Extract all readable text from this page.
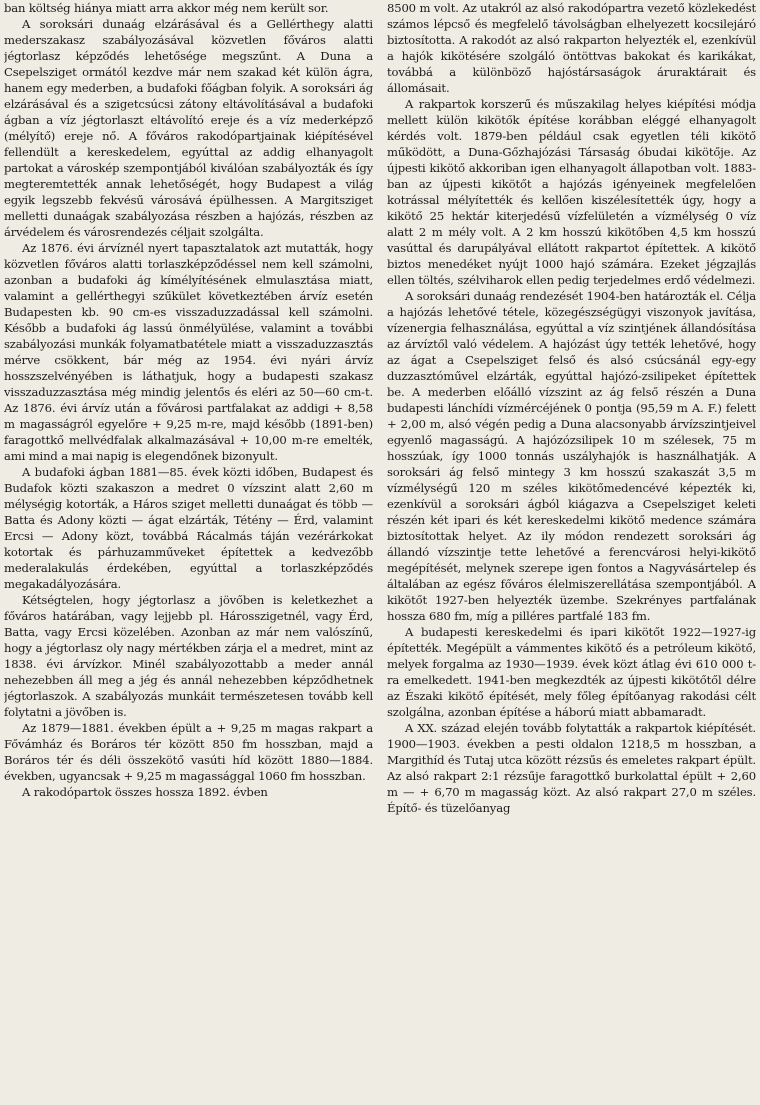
ban költség hiánya miatt arra akkor még nem került sor.

A soroksári dunaág elzárásával és a Gellérthegy alatti mederszakasz szabályozásával közvetlen főváros alatti jégtorlasz képződés lehetősége megszűnt. A Duna a Csepelsziget ormától kezdve már nem szakad két külön ágra, hanem egy mederben, a budafoki főágban folyik. A soroksári ág elzárásával és a szigetcsúcsi zátony eltávolításával a budafoki ágban a víz jégtorlaszt eltávolító ereje és a víz mederképző (mélyítő) ereje nő. A főváros rakodópartjainak kiépítésével fellendült a kereskedelem, egyúttal az addig elhanyagolt partokat a városkép szempontjából kiválóan szabályozták és így megteremtették annak lehetőségét, hogy Budapest a világ egyik legszebb fekvésű városává épülhessen. A Margitsziget melletti dunaágak szabályozása részben a hajózás, részben az árvédelem és városrendezés céljait szolgálta.

Az 1876. évi árvíznél nyert tapasztalatok azt mutatták, hogy közvetlen főváros alatti torlaszképződéssel nem kell számolni, azonban a budafoki ág kímélyítésének elmulasztása miatt, valamint a gellérthegyi szűkület következtében árvíz esetén Budapesten kb. 90 cm-es visszaduzzadással kell számolni. Később a budafoki ág lassú önmélyülése, valamint a további szabályozási munkák folyamatbatétele miatt a visszaduzzasztás mérve csökkent, bár még az 1954. évi nyári árvíz hosszszelvényében is láthatjuk, hogy a budapesti szakasz visszaduzzasztása még mindig jelentős és eléri az 50—60 cm-t. Az 1876. évi árvíz után a fővárosi partfalakat az addigi + 8,58 m magasságról egyelőre + 9,25 m-re, majd később (1891-ben) faragottkő mellvédfalak alkalmazásával + 10,00 m-re emelték, ami mind a mai napig is elegendőnek bizonyult.

A budafoki ágban 1881—85. évek közti időben, Budapest és Budafok közti szakaszon a medret 0 vízszint alatt 2,60 m mélységig kotorták, a Háros sziget melletti dunaágat és több — Batta és Adony közti — ágat elzárták, Tétény — Érd, valamint Ercsi — Adony közt, továbbá Rácalmás táján vezérárkokat kotortak és párhuzamműveket építettek a kedvezőbb mederalakulás érdekében, egyúttal a torlaszképződés megakadályozására.

Kétségtelen, hogy jégtorlasz a jövőben is keletkezhet a főváros határában, vagy lejjebb pl. Hárosszigetnél, vagy Érd, Batta, vagy Ercsi közelében. Azonban az már nem valószínű, hogy a jégtorlasz oly nagy mértékben zárja el a medret, mint az 1838. évi árvízkor. Minél szabályozottabb a meder annál nehezebben áll meg a jég és annál nehezebben képződhetnek jégtorlaszok. A szabályozás munkáit természetesen tovább kell folytatni a jövőben is.

Az 1879—1881. években épült a + 9,25 m magas rakpart a Fővámház és Boráros tér között 850 fm hosszban, majd a Boráros tér és déli összekötő vasúti híd között 1880—1884. években, ugyancsak + 9,25 m magassággal 1060 fm hosszban.

A rakodópartok összes hossza 1892. évben

8500 m volt. Az utakról az alsó rakodópartra vezető közlekedést számos lépcső és megfelelő távolságban elhelyezett kocsilejáró biztosította. A rakodót az alsó rakparton helyezték el, ezenkívül a hajók kikötésére szolgáló öntöttvas bakokat és karikákat, továbbá a különböző hajóstársaságok áruraktárait és állomásait.

A rakpartok korszerű és műszakilag helyes kiépítési módja mellett külön kikötők építése korábban eléggé elhanyagolt kérdés volt. 1879-ben például csak egyetlen téli kikötő működött, a Duna-Gőzhajózási Társaság óbudai kikötője. Az újpesti kikötő akkoriban igen elhanyagolt állapotban volt. 1883-ban az újpesti kikötőt a hajózás igényeinek megfelelően kotrással mélyítették és kellően kiszélesítették úgy, hogy a kikötő 25 hektár kiterjedésű vízfelületén a vízmélység 0 víz alatt 2 m mély volt. A 2 km hosszú kikötőben 4,5 km hosszú vasúttal és darupályával ellátott rakpartot építettek. A kikötő biztos menedéket nyújt 1000 hajó számára. Ezeket jégzajlás ellen töltés, szélviharok ellen pedig terjedelmes erdő védelmezi.

A soroksári dunaág rendezését 1904-ben határozták el. Célja a hajózás lehetővé tétele, közegészségügyi viszonyok javítása, vízenergia felhasználása, egyúttal a víz szintjének állandósítása az árvíztől való védelem. A hajózást úgy tették lehetővé, hogy az ágat a Csepelsziget felső és alsó csúcsánál egy-egy duzzasztóművel elzárták, egyúttal hajózó-zsilipeket építettek be. A mederben előálló vízszint az ág felső részén a Duna budapesti lánchídi vízmércéjének 0 pontja (95,59 m A. F.) felett + 2,00 m, alsó végén pedig a Duna alacsonyabb árvízszintjeivel egyenlő magasságú. A hajózózsilipek 10 m szélesek, 75 m hosszúak, így 1000 tonnás uszályhajók is használhatják. A soroksári ág felső mintegy 3 km hosszú szakaszát 3,5 m vízmélységű 120 m széles kikötőmedencévé képezték ki, ezenkívül a soroksári ágból kiágazva a Csepelsziget keleti részén két ipari és két kereskedelmi kikötő medence számára biztosítottak helyet. Az ily módon rendezett soroksári ág állandó vízszintje tette lehetővé a ferencvárosi helyi-kikötő megépítését, melynek szerepe igen fontos a Nagyvásártelep és általában az egész főváros élelmiszerellátása szempontjából. A kikötőt 1927-ben helyezték üzembe. Szekrényes partfalának hossza 680 fm, míg a pilléres partfalé 183 fm.

A budapesti kereskedelmi és ipari kikötőt 1922—1927-ig építették. Megépült a vámmentes kikötő és a petróleum kikötő, melyek forgalma az 1930—1939. évek közt átlag évi 610 000 t-ra emelkedett. 1941-ben megkezdték az újpesti kikötőtől délre az Északi kikötő építését, mely főleg építőanyag rakodási célt szolgálna, azonban építése a háború miatt abbamaradt.

A XX. század elején tovább folytatták a rakpartok kiépítését. 1900—1903. években a pesti oldalon 1218,5 m hosszban, a Margithíd és Tutaj utca között rézsűs és emeletes rakpart épült. Az alsó rakpart 2:1 rézsűje faragottkő burkolattal épült + 2,60 m — + 6,70 m magasság közt. Az alsó rakpart 27,0 m széles. Építő- és tüzelőanyag
